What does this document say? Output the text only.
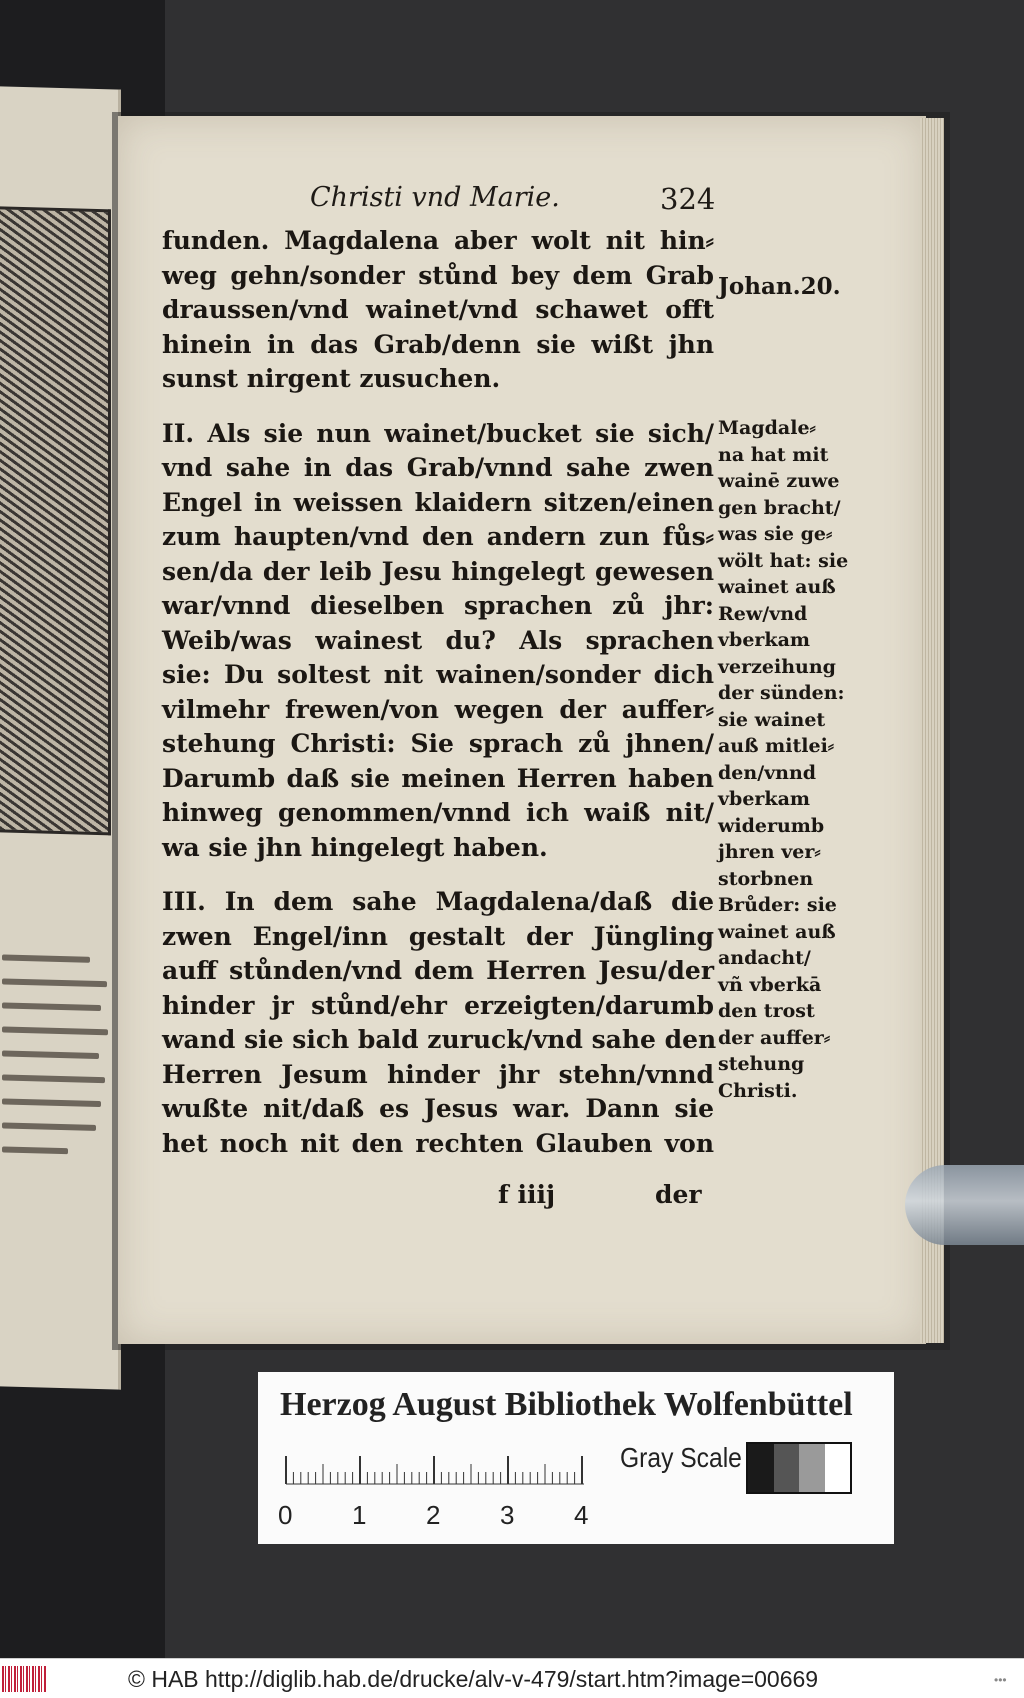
Christi vnd Marie.	324
funden. Magdalena aber wolt nit hin⸗
weg gehn/sonder stůnd bey dem Grab
draussen/vnd wainet/vnd schawet offt
hinein in das Grab/denn sie wißt jhn
sunst nirgent zusuchen.
II. Als sie nun wainet/bucket sie sich/
vnd sahe in das Grab/vnnd sahe zwen
Engel in weissen klaidern sitzen/einen
zum haupten/vnd den andern zun fůs⸗
sen/da der leib Jesu hingelegt gewesen
war/vnnd dieselben sprachen zů jhr:
Weib/was wainest du? Als sprachen
sie: Du soltest nit wainen/sonder dich
vilmehr frewen/von wegen der auffer⸗
stehung Christi: Sie sprach zů jhnen/
Darumb daß sie meinen Herren haben
hinweg genommen/vnnd ich waiß nit/
wa sie jhn hingelegt haben.
III. In dem sahe Magdalena/daß die
zwen Engel/inn gestalt der Jüngling
auff stůnden/vnd dem Herren Jesu/der
hinder jr stůnd/ehr erzeigten/darumb
wand sie sich bald zuruck/vnd sahe den
Herren Jesum hinder jhr stehn/vnnd
wußte nit/daß es Jesus war. Dann sie
het noch nit den rechten Glauben von
f iiij	der
Johan.20.
Magdale⸗
na hat mit
wainē zuwe
gen bracht/
was sie ge⸗
wölt hat: sie
wainet auß
Rew/vnd
vberkam
verzeihung
der sünden:
sie wainet
auß mitlei⸗
den/vnnd
vberkam
widerumb
jhren ver⸗
storbnen
Brůder: sie
wainet auß
andacht/
vñ vberkā
den trost
der auffer⸗
stehung
Christi.
Herzog August Bibliothek Wolfenbüttel
0 1 2 3 4
Gray Scale
© HAB http://diglib.hab.de/drucke/alv-v-479/start.htm?image=00669	•••
